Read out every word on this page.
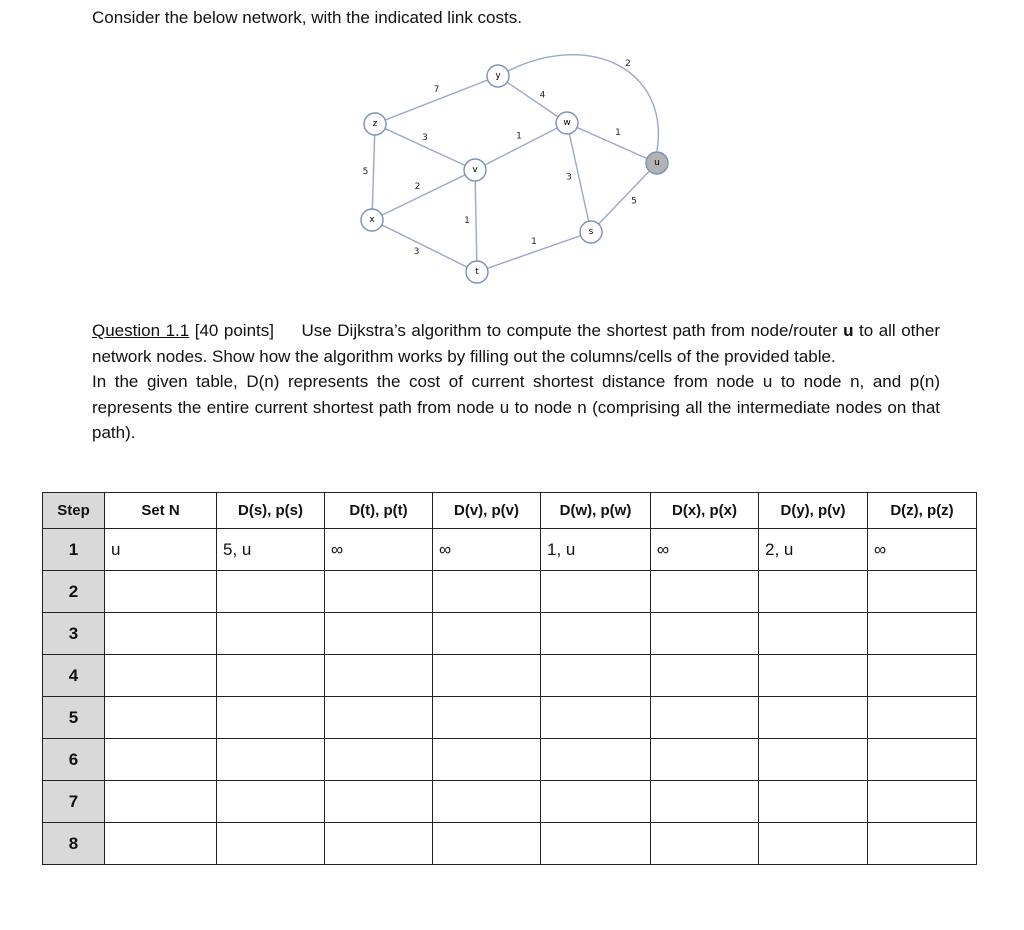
Consider the below network, with the indicated link costs.

7
4
2
3
5
2
3
1
1
1
3
5
1
y
z	w
v
u
x
s
t

Question 1.1 [40 points] Use Dijkstra’s algorithm to compute the shortest path from node/router u to all other network nodes. Show how the algorithm works by filling out the columns/cells of the provided table.

In the given table, D(n) represents the cost of current shortest distance from node u to node n, and p(n) represents the entire current shortest path from node u to node n (comprising all the intermediate nodes on that path).

Step	Set N	D(s), p(s)	D(t), p(t)	D(v), p(v)	D(w), p(w)	D(x), p(x)	D(y), p(v)	D(z), p(z)
1	u	5, u	∞	∞	1, u	∞	2, u	∞
2								
3								
4								
5								
6								
7								
8								
